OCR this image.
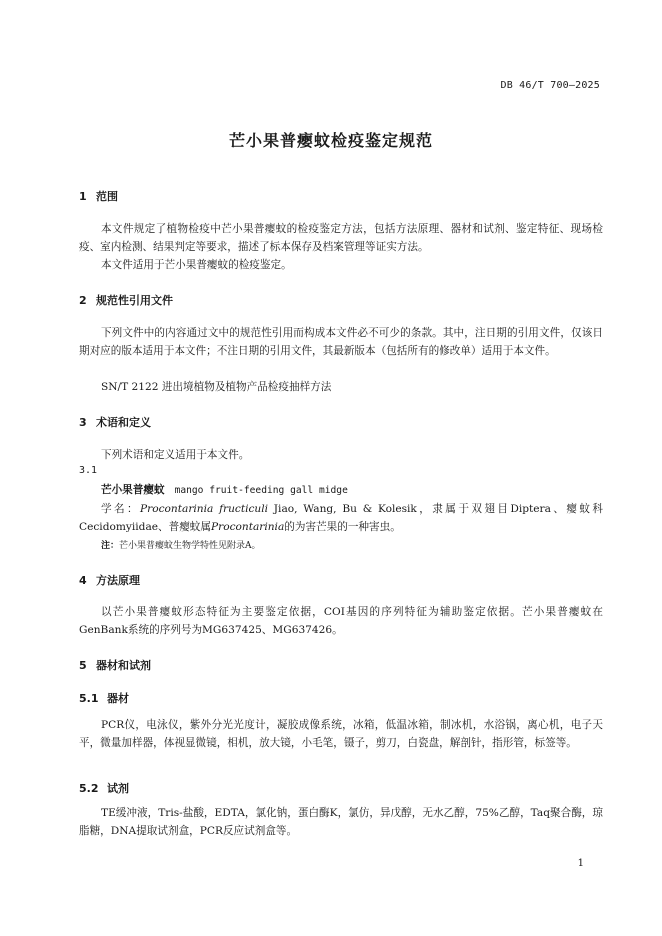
DB 46/T 700—2025
芒小果普瘿蚊检疫鉴定规范
1 范围
本文件规定了植物检疫中芒小果普瘿蚊的检疫鉴定方法，包括方法原理、器材和试剂、鉴定特征、现场检疫、室内检测、结果判定等要求，描述了标本保存及档案管理等证实方法。
本文件适用于芒小果普瘿蚊的检疫鉴定。
2 规范性引用文件
下列文件中的内容通过文中的规范性引用而构成本文件必不可少的条款。其中，注日期的引用文件，仅该日期对应的版本适用于本文件；不注日期的引用文件，其最新版本（包括所有的修改单）适用于本文件。
SN/T 2122 进出境植物及植物产品检疫抽样方法
3 术语和定义
下列术语和定义适用于本文件。
3.1
芒小果普瘿蚊 mango fruit-feeding gall midge
学名：Procontarinia fructiculi Jiao, Wang, Bu & Kolesik，隶属于双翅目Diptera、瘿蚊科Cecidomyiidae、普瘿蚊属Procontarinia的为害芒果的一种害虫。
注：芒小果普瘿蚊生物学特性见附录A。
4 方法原理
以芒小果普瘿蚊形态特征为主要鉴定依据，COI基因的序列特征为辅助鉴定依据。芒小果普瘿蚊在GenBank系统的序列号为MG637425、MG637426。
5 器材和试剂
5.1 器材
PCR仪，电泳仪，紫外分光光度计，凝胶成像系统，冰箱，低温冰箱，制冰机，水浴锅，离心机，电子天平，微量加样器，体视显微镜，相机，放大镜，小毛笔，镊子，剪刀，白瓷盘，解剖针，指形管，标签等。
5.2 试剂
TE缓冲液，Tris-盐酸，EDTA，氯化钠，蛋白酶K，氯仿，异戊醇，无水乙醇，75%乙醇，Taq聚合酶，琼脂糖，DNA提取试剂盒，PCR反应试剂盒等。
1
